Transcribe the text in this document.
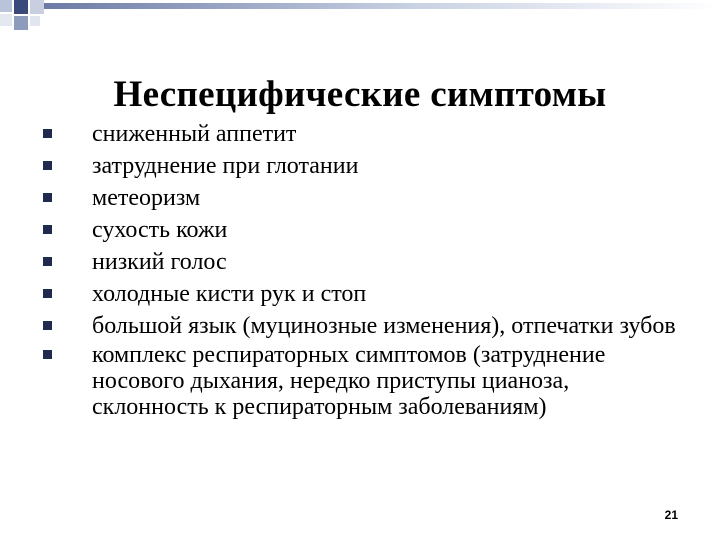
Неспецифические симптомы
сниженный аппетит
затруднение при глотании
метеоризм
сухость кожи
низкий голос
холодные кисти рук и стоп
большой язык (муцинозные изменения), отпечатки зубов
комплекс респираторных симптомов (затруднение носового дыхания, нередко приступы цианоза, склонность к респираторным заболеваниям)
21
